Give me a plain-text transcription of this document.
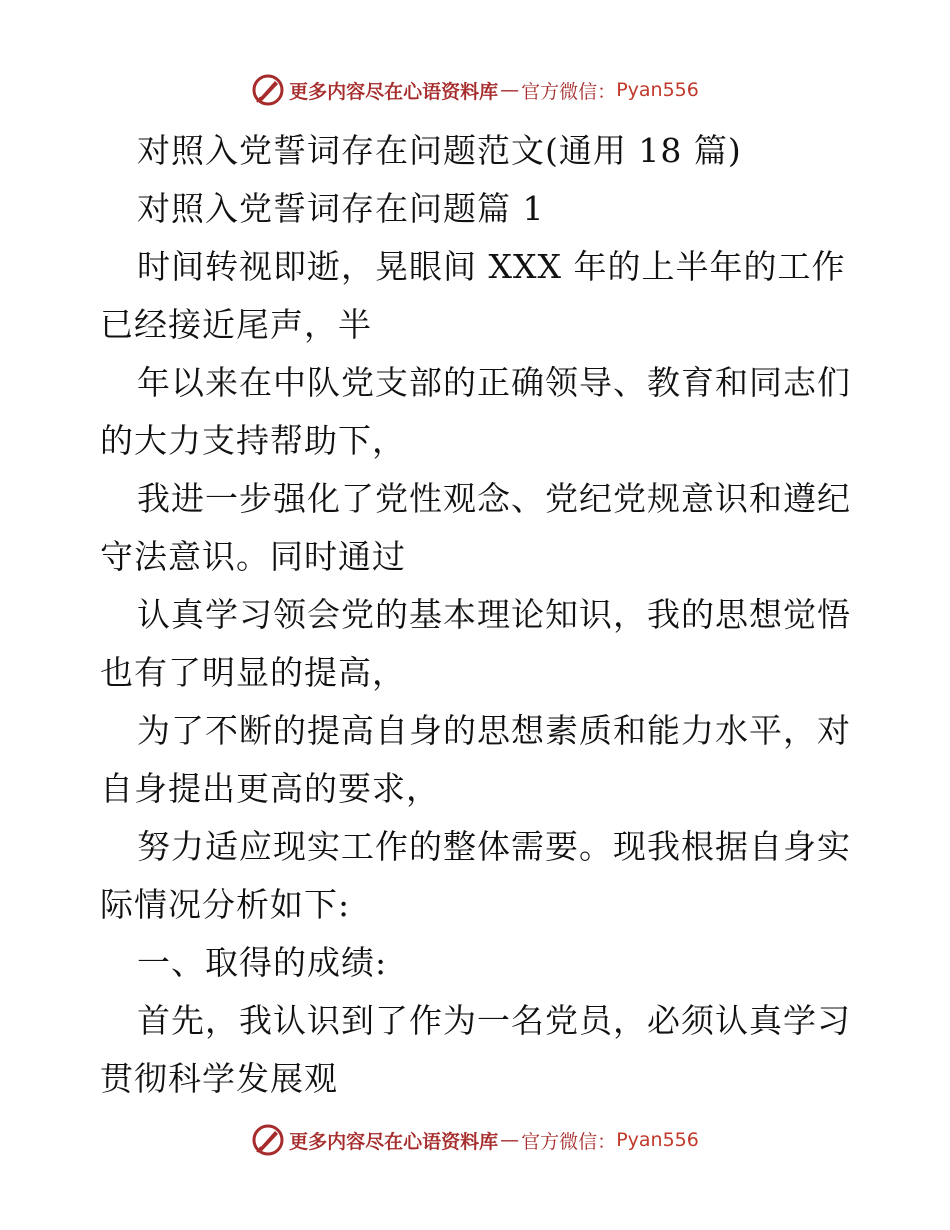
更多内容尽在心语资料库 — 官方微信： Pyan556
对照入党誓词存在问题范文(通用 18 篇)
对照入党誓词存在问题篇 1
时间转视即逝，晃眼间 XXX 年的上半年的工作
已经接近尾声，半
年以来在中队党支部的正确领导、教育和同志们
的大力支持帮助下，
我进一步强化了党性观念、党纪党规意识和遵纪
守法意识。同时通过
认真学习领会党的基本理论知识，我的思想觉悟
也有了明显的提高，
为了不断的提高自身的思想素质和能力水平，对
自身提出更高的要求，
努力适应现实工作的整体需要。现我根据自身实
际情况分析如下:
一、取得的成绩:
首先，我认识到了作为一名党员，必须认真学习
贯彻科学发展观
更多内容尽在心语资料库 — 官方微信： Pyan556
